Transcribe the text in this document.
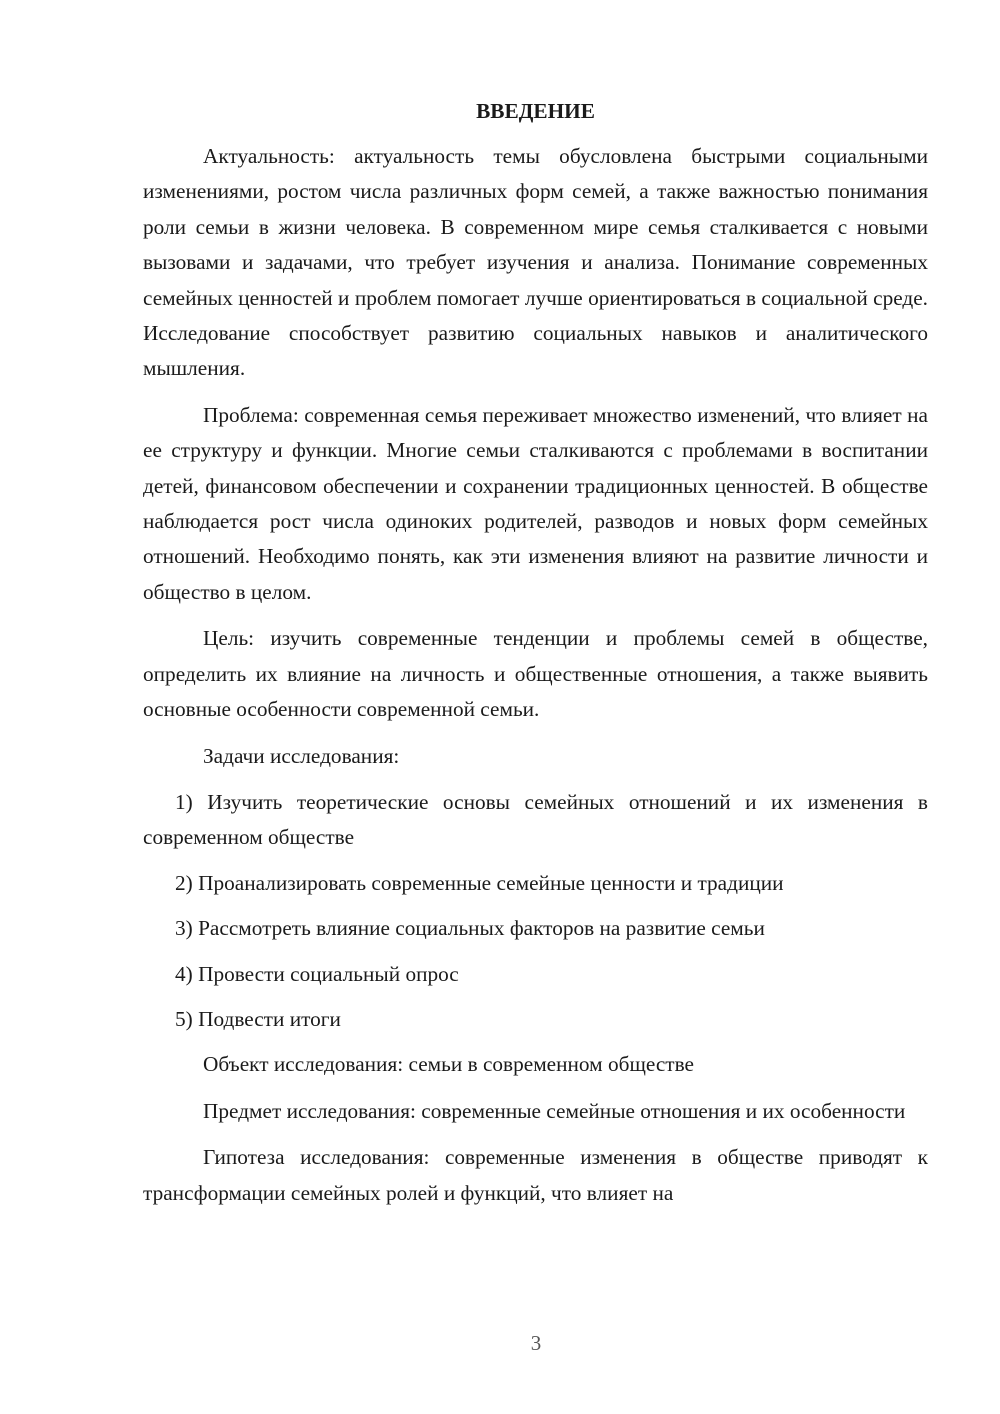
ВВЕДЕНИЕ

Актуальность: актуальность темы обусловлена быстрыми социальными изменениями, ростом числа различных форм семей, а также важностью понимания роли семьи в жизни человека. В современном мире семья сталкивается с новыми вызовами и задачами, что требует изучения и анализа. Понимание современных семейных ценностей и проблем помогает лучше ориентироваться в социальной среде. Исследование способствует развитию социальных навыков и аналитического мышления.

Проблема: современная семья переживает множество изменений, что влияет на ее структуру и функции. Многие семьи сталкиваются с проблемами в воспитании детей, финансовом обеспечении и сохранении традиционных ценностей. В обществе наблюдается рост числа одиноких родителей, разводов и новых форм семейных отношений. Необходимо понять, как эти изменения влияют на развитие личности и общество в целом.

Цель: изучить современные тенденции и проблемы семей в обществе, определить их влияние на личность и общественные отношения, а также выявить основные особенности современной семьи.

Задачи исследования:

1) Изучить теоретические основы семейных отношений и их изменения в современном обществе

2) Проанализировать современные семейные ценности и традиции

3) Рассмотреть влияние социальных факторов на развитие семьи

4) Провести социальный опрос

5) Подвести итоги

Объект исследования: семьи в современном обществе

Предмет исследования: современные семейные отношения и их особенности

Гипотеза исследования: современные изменения в обществе приводят к трансформации семейных ролей и функций, что влияет на

3
